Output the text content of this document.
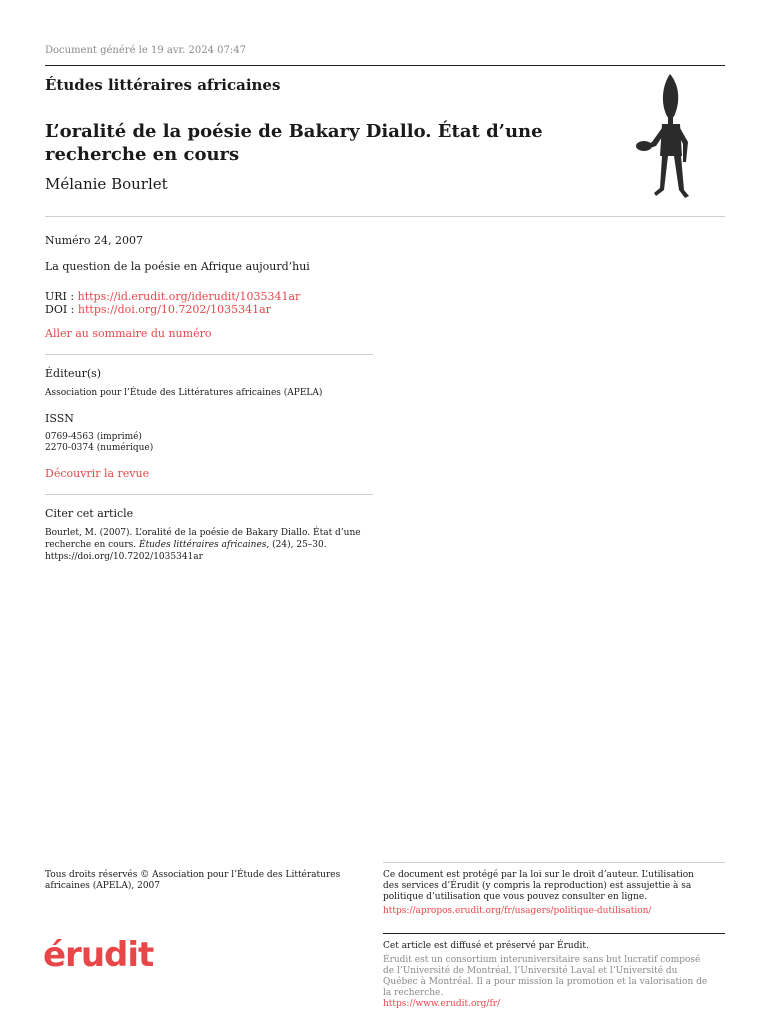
Document généré le 19 avr. 2024 07:47
Études littéraires africaines
L’oralité de la poésie de Bakary Diallo. État d’une recherche en cours
Mélanie Bourlet
Numéro 24, 2007
La question de la poésie en Afrique aujourd’hui
URI : https://id.erudit.org/iderudit/1035341ar
DOI : https://doi.org/10.7202/1035341ar
Aller au sommaire du numéro
Éditeur(s)
Association pour l’Étude des Littératures africaines (APELA)
ISSN
0769-4563 (imprimé)
2270-0374 (numérique)
Découvrir la revue
Citer cet article
Bourlet, M. (2007). L’oralité de la poésie de Bakary Diallo. État d’une recherche en cours. Études littéraires africaines, (24), 25–30.
https://doi.org/10.7202/1035341ar
Tous droits réservés © Association pour l’Étude des Littératures africaines (APELA), 2007
Ce document est protégé par la loi sur le droit d’auteur. L’utilisation des services d’Érudit (y compris la reproduction) est assujettie à sa politique d’utilisation que vous pouvez consulter en ligne.
https://apropos.erudit.org/fr/usagers/politique-dutilisation/
érudit	Cet article est diffusé et préservé par Érudit.
Érudit est un consortium interuniversitaire sans but lucratif composé de l’Université de Montréal, l’Université Laval et l’Université du Québec à Montréal. Il a pour mission la promotion et la valorisation de la recherche.
https://www.erudit.org/fr/
